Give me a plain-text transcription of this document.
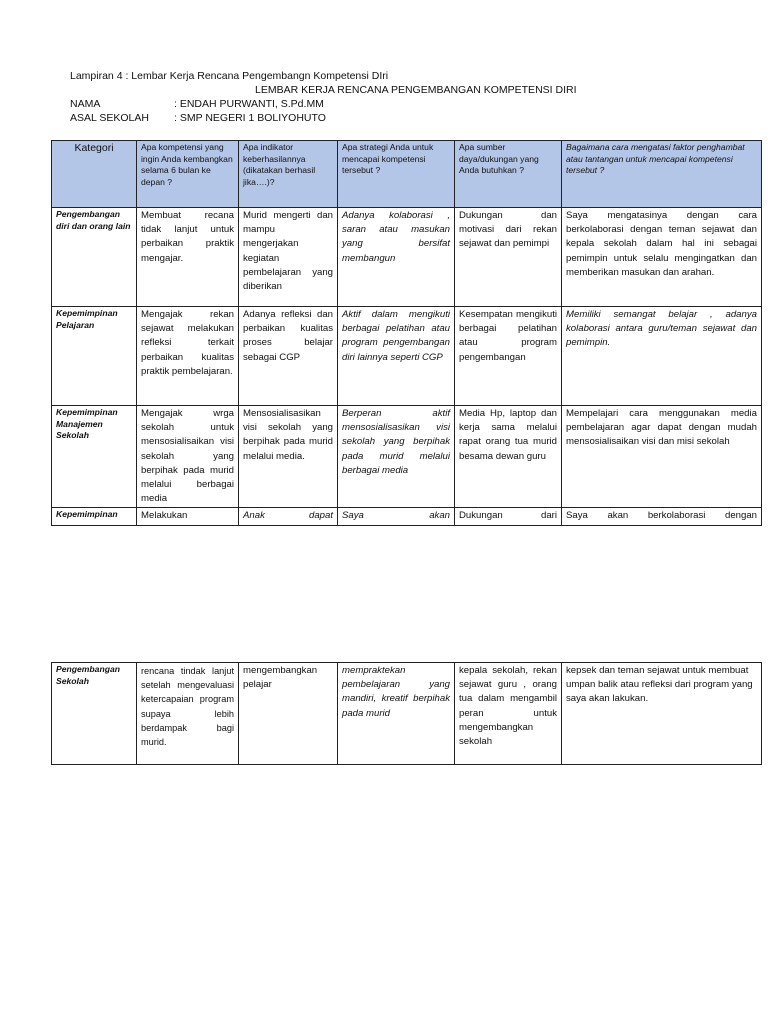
Lampiran 4 : Lembar Kerja Rencana Pengembangn Kompetensi DIri
LEMBAR KERJA RENCANA PENGEMBANGAN KOMPETENSI DIRI
NAMA	: ENDAH PURWANTI, S.Pd.MM
ASAL SEKOLAH : SMP NEGERI 1 BOLIYOHUTO
Kategori	Apa kompetensi yang ingin Anda kembangkan selama 6 bulan ke depan ?	Apa indikator keberhasilannya (dikatakan berhasil jika….)?	Apa strategi Anda untuk mencapai kompetensi tersebut ?	Apa sumber daya/dukungan yang Anda butuhkan ?	Bagaimana cara mengatasi faktor penghambat atau tantangan untuk mencapai kompetensi tersebut ?
Pengembangan diri dan orang lain	Membuat recana tidak lanjut untuk perbaikan praktik mengajar.	Murid mengerti dan mampu mengerjakan kegiatan pembelajaran yang diberikan	Adanya kolaborasi , saran atau masukan yang bersifat membangun	Dukungan dan motivasi dari rekan sejawat dan pemimpi	Saya mengatasinya dengan cara berkolaborasi dengan teman sejawat dan kepala sekolah dalam hal ini sebagai pemimpin untuk selalu mengingatkan dan memberikan masukan dan arahan.
Kepemimpinan Pelajaran	Mengajak rekan sejawat melakukan refleksi terkait perbaikan kualitas praktik pembelajaran.	Adanya refleksi dan perbaikan kualitas proses belajar sebagai CGP	Aktif dalam mengikuti berbagai pelatihan atau program pengembangan diri lainnya seperti CGP	Kesempatan mengikuti berbagai pelatihan atau program pengembangan	Memiliki semangat belajar , adanya kolaborasi antara guru/teman sejawat dan pemimpin.
Kepemimpinan Manajemen Sekolah	Mengajak wrga sekolah untuk mensosialisaikan visi sekolah yang berpihak pada murid melalui berbagai media	Mensosialisasikan visi sekolah yang berpihak pada murid melalui media.	Berperan aktif mensosialisasikan visi sekolah yang berpihak pada murid melalui berbagai media	Media Hp, laptop dan kerja sama melalui rapat orang tua murid besama dewan guru	Mempelajari cara menggunakan media pembelajaran agar dapat dengan mudah mensosialisaikan visi dan misi sekolah
Kepemimpinan	Melakukan	Anak dapat	Saya akan	Dukungan dari	Saya akan berkolaborasi dengan
Pengembangan Sekolah	rencana tindak lanjut setelah mengevaluasi ketercapaian program supaya lebih berdampak bagi murid.	mengembangkan pelajar	mempraktekan pembelajaran yang mandiri, kreatif berpihak pada murid	kepala sekolah, rekan sejawat guru , orang tua dalam mengambil peran untuk mengembangkan sekolah	kepsek dan teman sejawat untuk membuat umpan balik atau refleksi dari program yang saya akan lakukan.
